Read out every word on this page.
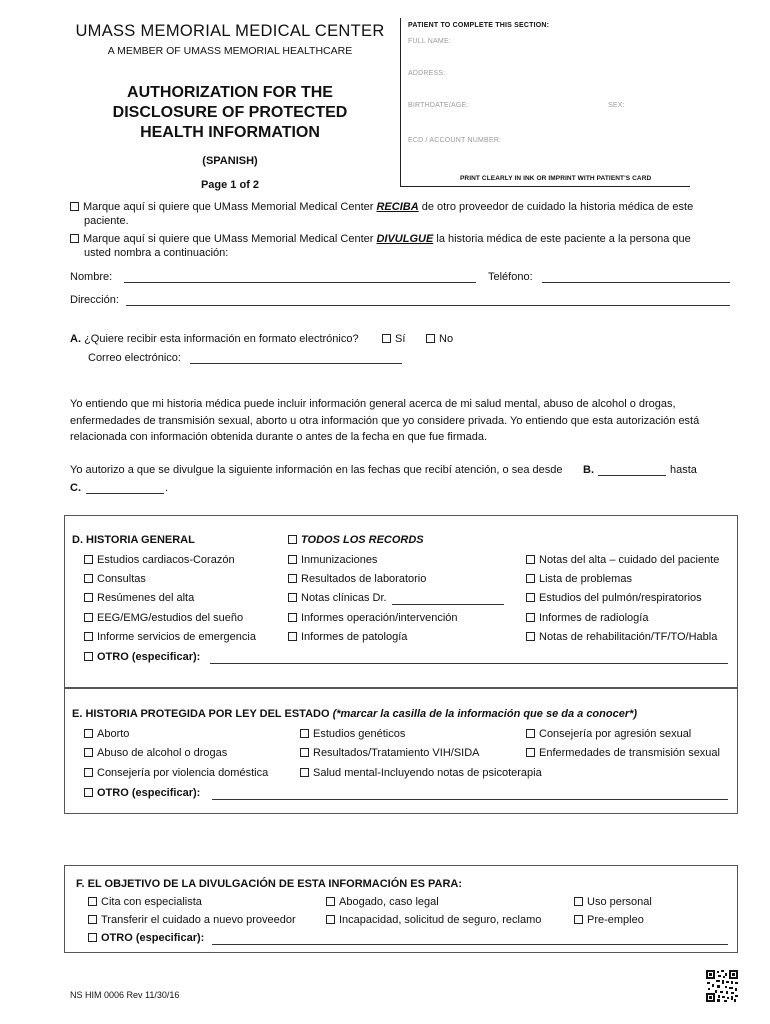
UMASS MEMORIAL MEDICAL CENTER
A MEMBER OF UMASS MEMORIAL HEALTHCARE
AUTHORIZATION FOR THE
DISCLOSURE OF PROTECTED
HEALTH INFORMATION
(SPANISH)
Page 1 of 2
PATIENT TO COMPLETE THIS SECTION:
FULL NAME:
ADDRESS:
BIRTHDATE/AGE:	SEX:
ECD / ACCOUNT NUMBER:
PRINT CLEARLY IN INK OR IMPRINT WITH PATIENT'S CARD
Marque aquí si quiere que UMass Memorial Medical Center RECIBA de otro proveedor de cuidado la historia médica de este
paciente.
Marque aquí si quiere que UMass Memorial Medical Center DIVULGUE la historia médica de este paciente a la persona que
usted nombra a continuación:
Nombre:	Teléfono:
Dirección:
A. ¿Quiere recibir esta información en formato electrónico?	Sí	No
Correo electrónico:
Yo entiendo que mi historia médica puede incluir información general acerca de mi salud mental, abuso de alcohol o drogas,
enfermedades de transmisión sexual, aborto u otra información que yo considere privada. Yo entiendo que esta autorización está
relacionada con información obtenida durante o antes de la fecha en que fue firmada.
Yo autorizo a que se divulgue la siguiente información en las fechas que recibí atención, o sea desde B.	hasta
C.	.
D. HISTORIA GENERAL	TODOS LOS RECORDS
Estudios cardiacos-Corazón
Consultas
Resúmenes del alta
EEG/EMG/estudios del sueño
Informe servicios de emergencia
Inmunizaciones
Resultados de laboratorio
Notas clínicas Dr.
Informes operación/intervención
Informes de patología
Notas del alta – cuidado del paciente
Lista de problemas
Estudios del pulmón/respiratorios
Informes de radiología
Notas de rehabilitación/TF/TO/Habla
OTRO (especificar):
E. HISTORIA PROTEGIDA POR LEY DEL ESTADO (*marcar la casilla de la información que se da a conocer*)
Aborto
Abuso de alcohol o drogas
Consejería por violencia doméstica
Estudios genéticos
Resultados/Tratamiento VIH/SIDA
Salud mental-Incluyendo notas de psicoterapia
Consejería por agresión sexual
Enfermedades de transmisión sexual
OTRO (especificar):
F. EL OBJETIVO DE LA DIVULGACIÓN DE ESTA INFORMACIÓN ES PARA:
Cita con especialista
Transferir el cuidado a nuevo proveedor
Abogado, caso legal
Incapacidad, solicitud de seguro, reclamo
Uso personal
Pre-empleo
OTRO (especificar):
NS HIM 0006 Rev 11/30/16
